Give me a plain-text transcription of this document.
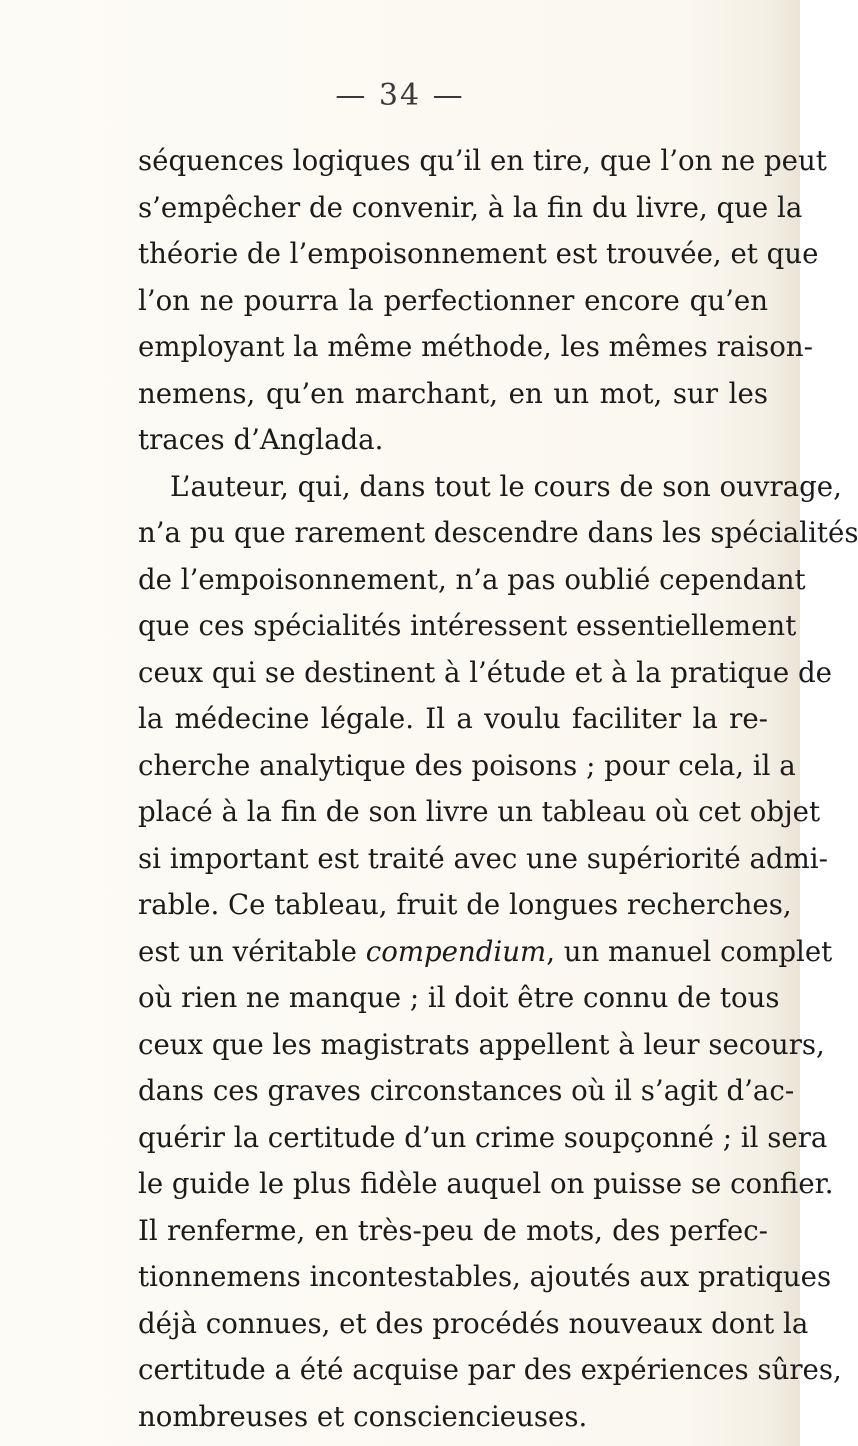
— 34 —
séquences logiques qu’il en tire, que l’on ne peut
s’empêcher de convenir, à la fin du livre, que la
théorie de l’empoisonnement est trouvée, et que
l’on ne pourra la perfectionner encore qu’en
employant la même méthode, les mêmes raison-
nemens, qu’en marchant, en un mot, sur les
traces d’Anglada.
L’auteur, qui, dans tout le cours de son ouvrage,
n’a pu que rarement descendre dans les spécialités
de l’empoisonnement, n’a pas oublié cependant
que ces spécialités intéressent essentiellement
ceux qui se destinent à l’étude et à la pratique de
la médecine légale. Il a voulu faciliter la re-
cherche analytique des poisons ; pour cela, il a
placé à la fin de son livre un tableau où cet objet
si important est traité avec une supériorité admi-
rable. Ce tableau, fruit de longues recherches,
est un véritable compendium, un manuel complet
où rien ne manque ; il doit être connu de tous
ceux que les magistrats appellent à leur secours,
dans ces graves circonstances où il s’agit d’ac-
quérir la certitude d’un crime soupçonné ; il sera
le guide le plus fidèle auquel on puisse se confier.
Il renferme, en très-peu de mots, des perfec-
tionnemens incontestables, ajoutés aux pratiques
déjà connues, et des procédés nouveaux dont la
certitude a été acquise par des expériences sûres,
nombreuses et consciencieuses.
